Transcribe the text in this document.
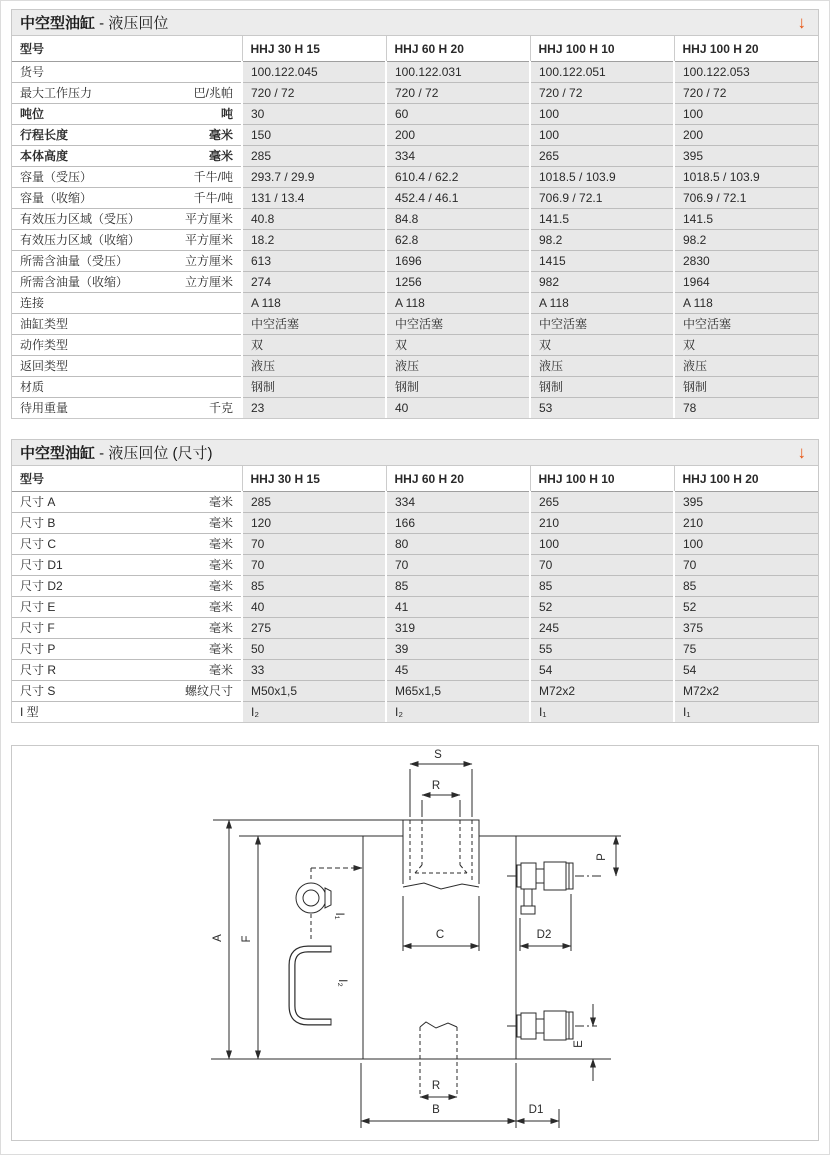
中空型油缸 - 液压回位	↓
型号	HHJ 30 H 15	HHJ 60 H 20	HHJ 100 H 10	HHJ 100 H 20
货号	100.122.045	100.122.031	100.122.051	100.122.053
最大工作压力 巴/兆帕	720 / 72	720 / 72	720 / 72	720 / 72
吨位 吨	30	60	100	100
行程长度 毫米	150	200	100	200
本体高度 毫米	285	334	265	395
容量（受压） 千牛/吨	293.7 / 29.9	610.4 / 62.2	1018.5 / 103.9	1018.5 / 103.9
容量（收缩） 千牛/吨	131 / 13.4	452.4 / 46.1	706.9 / 72.1	706.9 / 72.1
有效压力区域（受压） 平方厘米	40.8	84.8	141.5	141.5
有效压力区域（收缩） 平方厘米	18.2	62.8	98.2	98.2
所需含油量（受压） 立方厘米	613	1696	1415	2830
所需含油量（收缩） 立方厘米	274	1256	982	1964
连接	A 118	A 118	A 118	A 118
油缸类型	中空活塞	中空活塞	中空活塞	中空活塞
动作类型	双	双	双	双
返回类型	液压	液压	液压	液压
材质	钢制	钢制	钢制	钢制
待用重量 千克	23	40	53	78
中空型油缸 - 液压回位 (尺寸)	↓
型号	HHJ 30 H 15	HHJ 60 H 20	HHJ 100 H 10	HHJ 100 H 20
尺寸 A 毫米	285	334	265	395
尺寸 B 毫米	120	166	210	210
尺寸 C 毫米	70	80	100	100
尺寸 D1 毫米	70	70	70	70
尺寸 D2 毫米	85	85	85	85
尺寸 E 毫米	40	41	52	52
尺寸 F 毫米	275	319	245	375
尺寸 P 毫米	50	39	55	75
尺寸 R 毫米	33	45	54	54
尺寸 S 螺纹尺寸	M50x1,5	M65x1,5	M72x2	M72x2
I 型	I₂	I₂	I₁	I₁
S
R
A F
I₁
I₂
C	D2
P
E
R
B	D1
